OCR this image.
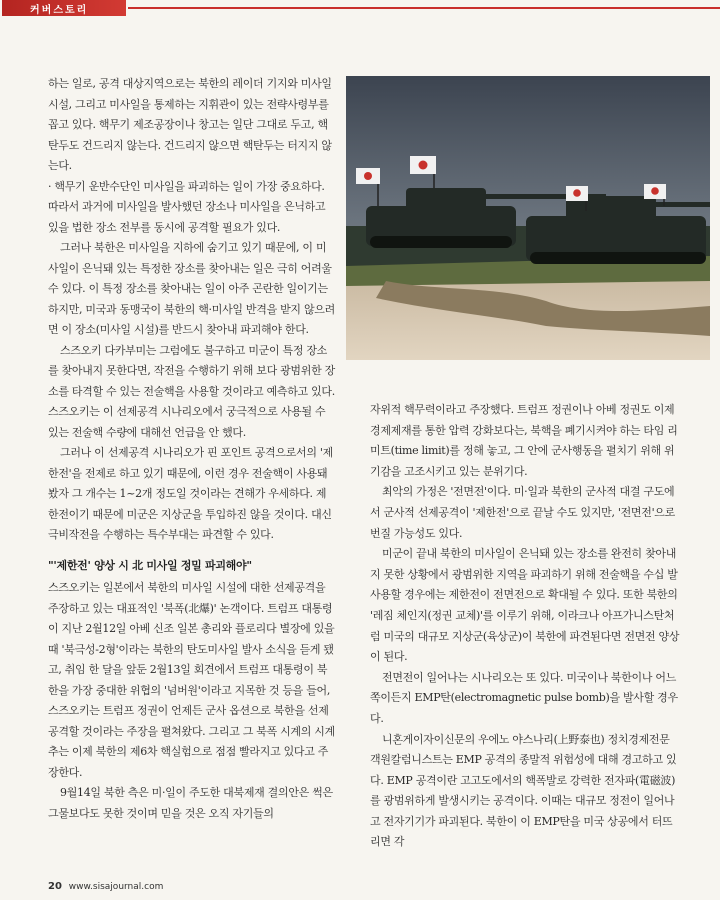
커버스토리

하는 일로, 공격 대상지역으로는 북한의 레이더 기지와 미사일 시설, 그리고 미사일을 통제하는 지휘관이 있는 전략사령부를 꼽고 있다. 핵무기 제조공장이나 창고는 일단 그대로 두고, 핵탄두도 건드리지 않는다. 건드리지 않으면 핵탄두는 터지지 않는다.

· 핵무기 운반수단인 미사일을 파괴하는 일이 가장 중요하다. 따라서 과거에 미사일을 발사했던 장소나 미사일을 은닉하고 있을 법한 장소 전부를 동시에 공격할 필요가 있다.

그러나 북한은 미사일을 지하에 숨기고 있기 때문에, 이 미사일이 은닉돼 있는 특정한 장소를 찾아내는 일은 극히 어려울 수 있다. 이 특정 장소를 찾아내는 일이 아주 곤란한 일이기는 하지만, 미국과 동맹국이 북한의 핵·미사일 반격을 받지 않으려면 이 장소(미사일 시설)를 반드시 찾아내 파괴해야 한다.

스즈오키 다카부미는 그럼에도 불구하고 미군이 특정 장소를 찾아내지 못한다면, 작전을 수행하기 위해 보다 광범위한 장소를 타격할 수 있는 전술핵을 사용할 것이라고 예측하고 있다. 스즈오키는 이 선제공격 시나리오에서 궁극적으로 사용될 수 있는 전술핵 수량에 대해선 언급을 안 했다.

그러나 이 선제공격 시나리오가 핀 포인트 공격으로서의 '제한전'을 전제로 하고 있기 때문에, 이런 경우 전술핵이 사용돼 봤자 그 개수는 1~2개 정도일 것이라는 견해가 우세하다. 제한전이기 때문에 미군은 지상군을 투입하진 않을 것이다. 대신 극비작전을 수행하는 특수부대는 파견할 수 있다.

"'제한전' 양상 시 北 미사일 정밀 파괴해야"

스즈오키는 일본에서 북한의 미사일 시설에 대한 선제공격을 주장하고 있는 대표적인 '북폭(北爆)' 논객이다. 트럼프 대통령이 지난 2월12일 아베 신조 일본 총리와 플로리다 별장에 있을 때 '북극성-2형'이라는 북한의 탄도미사일 발사 소식을 듣게 됐고, 취임 한 달을 앞둔 2월13일 회견에서 트럼프 대통령이 북한을 가장 중대한 위협의 '넘버원'이라고 지목한 것 등을 들어, 스즈오키는 트럼프 정권이 언제든 군사 옵션으로 북한을 선제공격할 것이라는 주장을 펼쳐왔다. 그리고 그 북폭 시계의 시계추는 이제 북한의 제6차 핵실험으로 점점 빨라지고 있다고 주장한다.

9월14일 북한 측은 미·일이 주도한 대북제재 결의안은 썩은 그물보다도 못한 것이며 믿을 것은 오직 자기들의

자위적 핵무력이라고 주장했다. 트럼프 정권이나 아베 정권도 이제 경제제재를 통한 압력 강화보다는, 북핵을 폐기시켜야 하는 타임 리미트(time limit)를 정해 놓고, 그 안에 군사행동을 펼치기 위해 위기감을 고조시키고 있는 분위기다.

최악의 가정은 '전면전'이다. 미·일과 북한의 군사적 대결 구도에서 군사적 선제공격이 '제한전'으로 끝날 수도 있지만, '전면전'으로 번질 가능성도 있다.

미군이 끝내 북한의 미사일이 은닉돼 있는 장소를 완전히 찾아내지 못한 상황에서 광범위한 지역을 파괴하기 위해 전술핵을 수십 발 사용할 경우에는 제한전이 전면전으로 확대될 수 있다. 또한 북한의 '레짐 체인지(정권 교체)'를 이루기 위해, 이라크나 아프가니스탄처럼 미국의 대규모 지상군(육상군)이 북한에 파견된다면 전면전 양상이 된다.

전면전이 일어나는 시나리오는 또 있다. 미국이나 북한이나 어느 쪽이든지 EMP탄(electromagnetic pulse bomb)을 발사할 경우다.

니혼게이자이신문의 우에노 야스나리(上野泰也) 정치경제전문 객원칼럼니스트는 EMP 공격의 종말적 위험성에 대해 경고하고 있다. EMP 공격이란 고고도에서의 핵폭발로 강력한 전자파(電磁波)를 광범위하게 발생시키는 공격이다. 이때는 대규모 정전이 일어나고 전자기기가 파괴된다. 북한이 이 EMP탄을 미국 상공에서 터뜨리면 각

20 www.sisajournal.com
